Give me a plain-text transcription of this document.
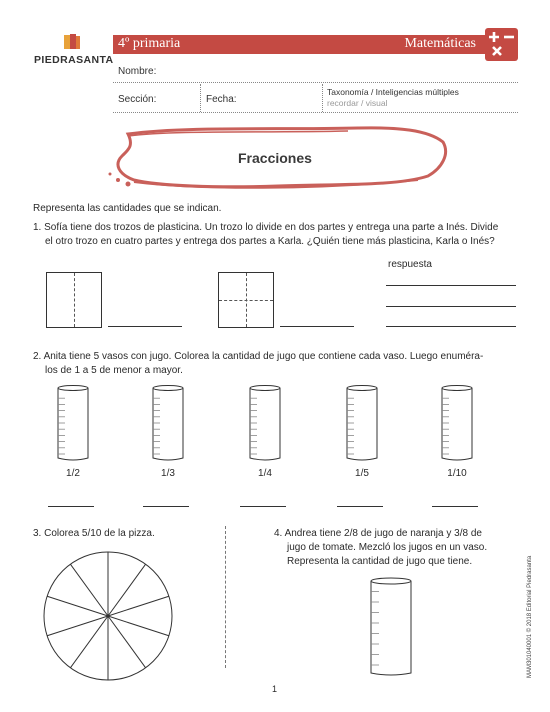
PIEDRASANTA
4º primaria	Matemáticas
Nombre:
Sección:	Fecha:
Taxonomía / Inteligencias múltiples
recordar / visual
Fracciones
Representa las cantidades que se indican.
1. Sofía tiene dos trozos de plasticina. Un trozo lo divide en dos partes y entrega una parte a Inés. Divide
el otro trozo en cuatro partes y entrega dos partes a Karla. ¿Quién tiene más plasticina, Karla o Inés?
respuesta
2. Anita tiene 5 vasos con jugo. Colorea la cantidad de jugo que contiene cada vaso. Luego enuméra-
los de 1 a 5 de menor a mayor.
1/2	1/3	1/4	1/5	1/10
3. Colorea 5/10 de la pizza.	4. Andrea tiene 2/8 de jugo de naranja y 3/8 de
jugo de tomate. Mezcló los jugos en un vaso.
Representa la cantidad de jugo que tiene.	MAM301040001 © 2018 Editorial Piedrasanta
1
